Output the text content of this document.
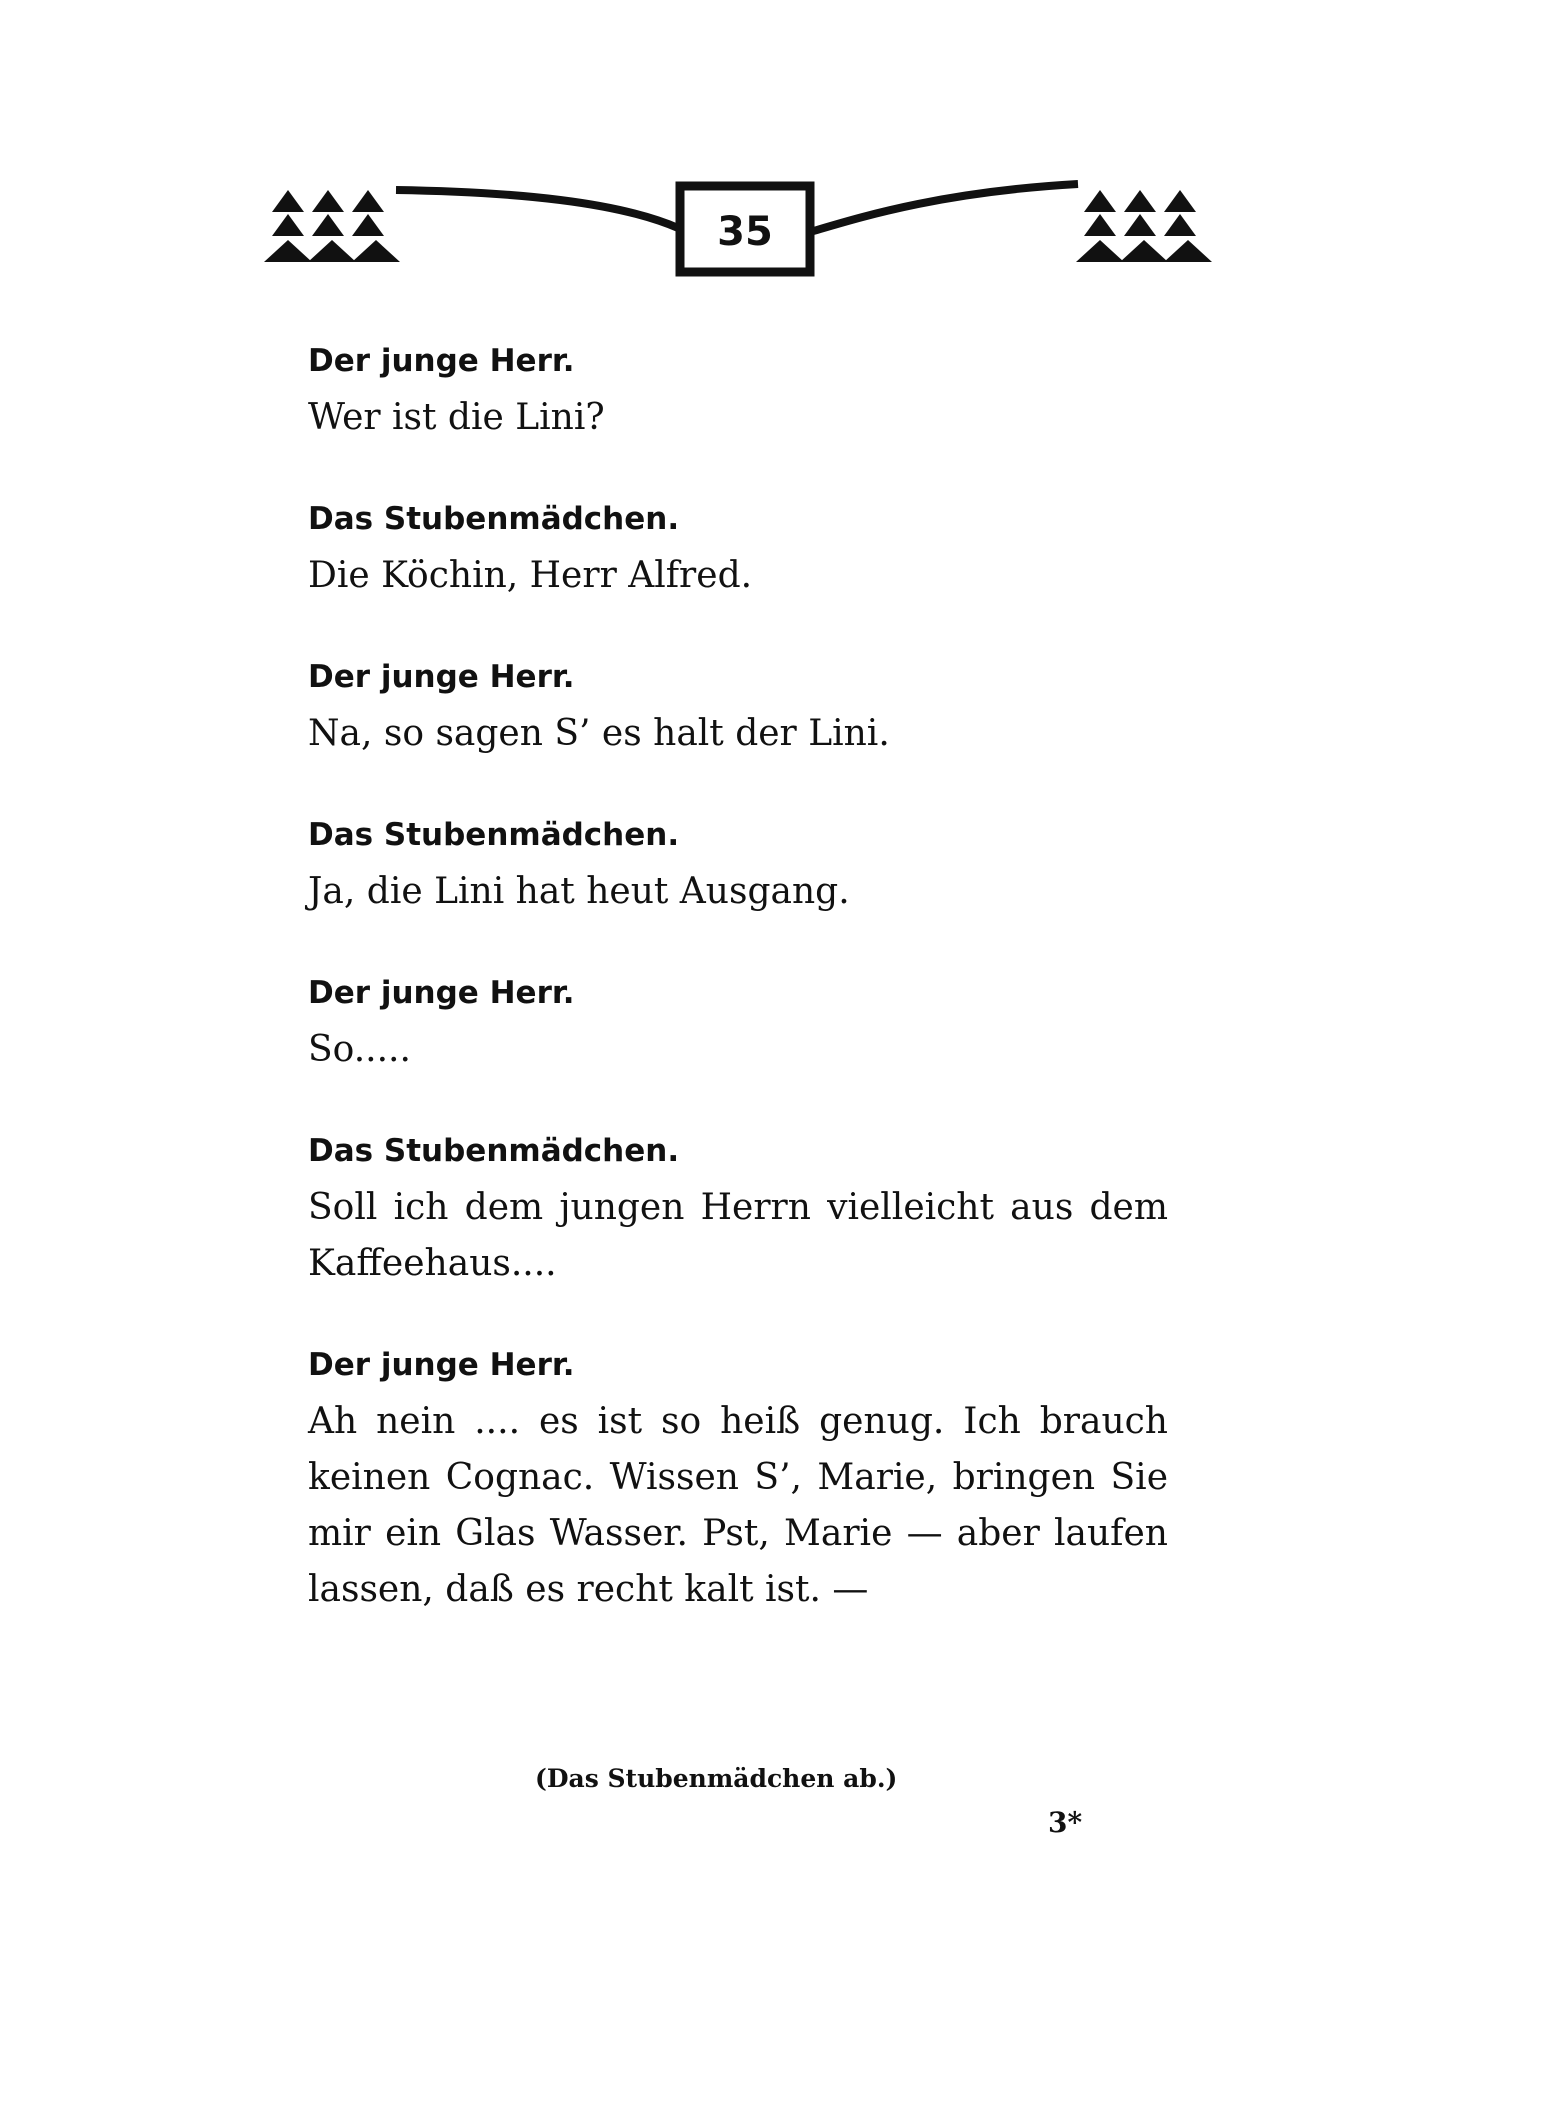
35

Der junge Herr.

Wer ist die Lini?

Das Stubenmädchen.

Die Köchin, Herr Alfred.

Der junge Herr.

Na, so sagen S’ es halt der Lini.

Das Stubenmädchen.

Ja, die Lini hat heut Ausgang.

Der junge Herr.

So.....

Das Stubenmädchen.

Soll ich dem jungen Herrn vielleicht aus dem Kaffeehaus....

Der junge Herr.

Ah nein .... es ist so heiß genug. Ich brauch keinen Cognac. Wissen S’, Marie, bringen Sie mir ein Glas Wasser. Pst, Marie — aber laufen lassen, daß es recht kalt ist. —

(Das Stubenmädchen ab.)
3*
